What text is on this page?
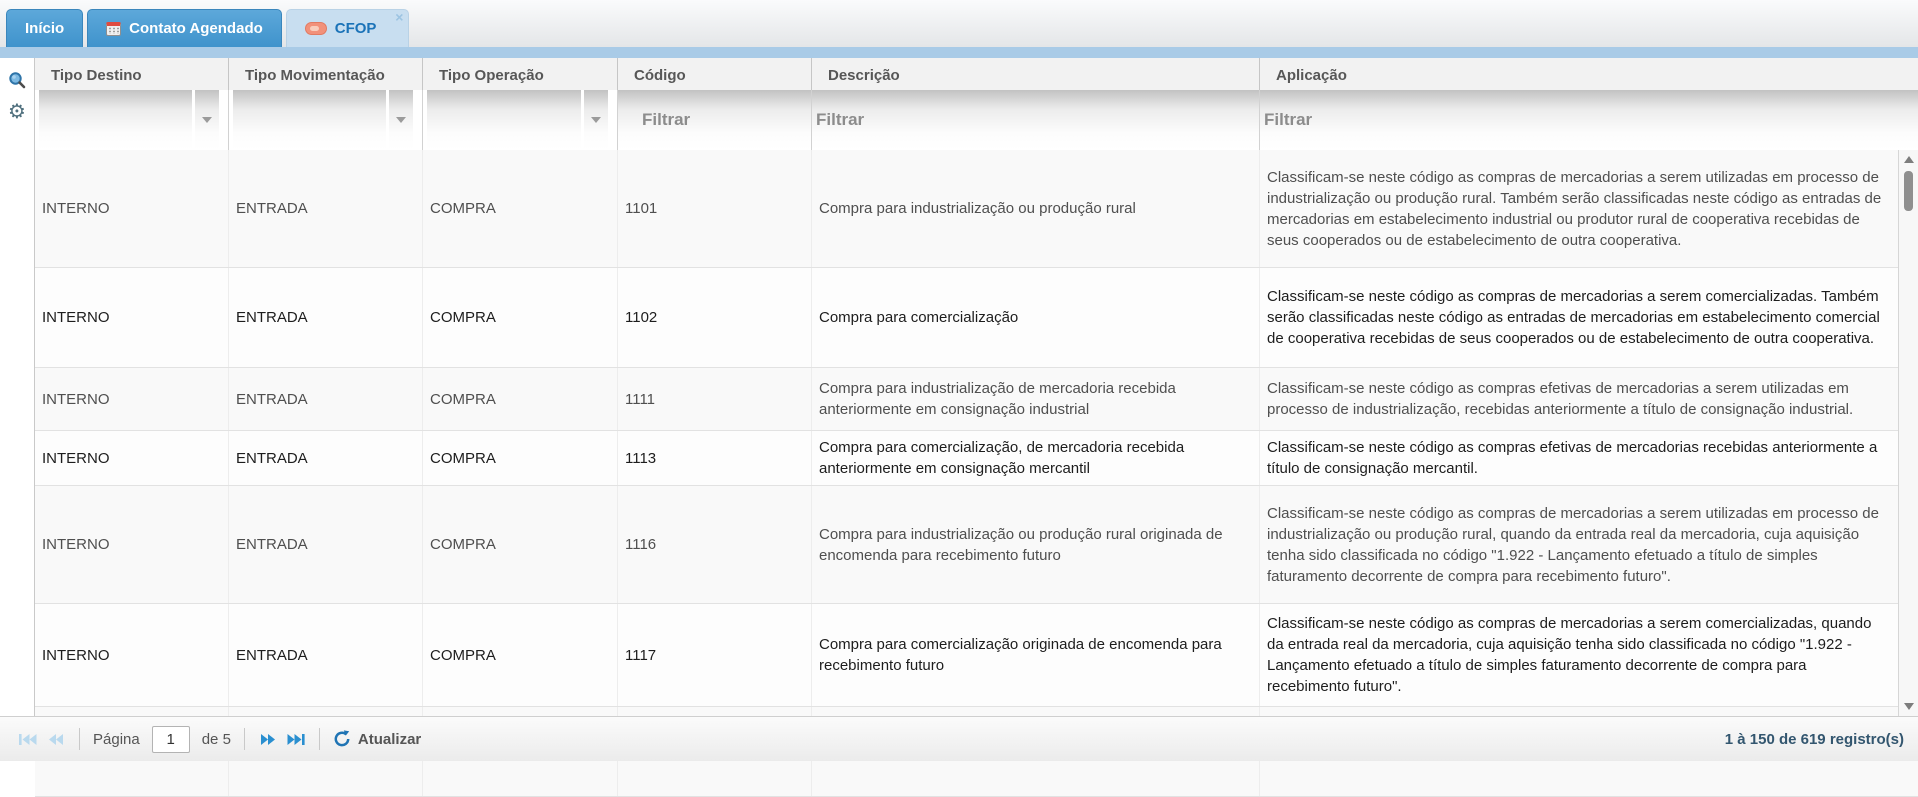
Início	Contato Agendado	CFOP
×
⚙
Tipo Destino	Tipo Movimentação	Tipo Operação	Código	Descrição	Aplicação
Filtrar
Filtrar
Filtrar
INTERNO	ENTRADA	COMPRA	1101	Compra para industrialização ou produção rural
Classificam-se neste código as compras de mercadorias a serem utilizadas em processo de industrialização ou produção rural. Também serão classificadas neste código as entradas de mercadorias em estabelecimento industrial ou produtor rural de cooperativa recebidas de seus cooperados ou de estabelecimento de outra cooperativa.
INTERNO	ENTRADA	COMPRA	1102	Compra para comercialização
Classificam-se neste código as compras de mercadorias a serem comercializadas. Também serão classificadas neste código as entradas de mercadorias em estabelecimento comercial de cooperativa recebidas de seus cooperados ou de estabelecimento de outra cooperativa.
INTERNO	ENTRADA	COMPRA	1111
Compra para industrialização de mercadoria recebida anteriormente em consignação industrial
Classificam-se neste código as compras efetivas de mercadorias a serem utilizadas em processo de industrialização, recebidas anteriormente a título de consignação industrial.
INTERNO	ENTRADA	COMPRA	1113
Compra para comercialização, de mercadoria recebida anteriormente em consignação mercantil
Classificam-se neste código as compras efetivas de mercadorias recebidas anteriormente a título de consignação mercantil.
INTERNO	ENTRADA	COMPRA	1116
Compra para industrialização ou produção rural originada de encomenda para recebimento futuro
Classificam-se neste código as compras de mercadorias a serem utilizadas em processo de industrialização ou produção rural, quando da entrada real da mercadoria, cuja aquisição tenha sido classificada no código "1.922 - Lançamento efetuado a título de simples faturamento decorrente de compra para recebimento futuro".
INTERNO	ENTRADA	COMPRA	1117
Compra para comercialização originada de encomenda para recebimento futuro
Classificam-se neste código as compras de mercadorias a serem comercializadas, quando da entrada real da mercadoria, cuja aquisição tenha sido classificada no código "1.922 - Lançamento efetuado a título de simples faturamento decorrente de compra para recebimento futuro".
Página
1	de 5	Atualizar	1 à 150 de 619 registro(s)
